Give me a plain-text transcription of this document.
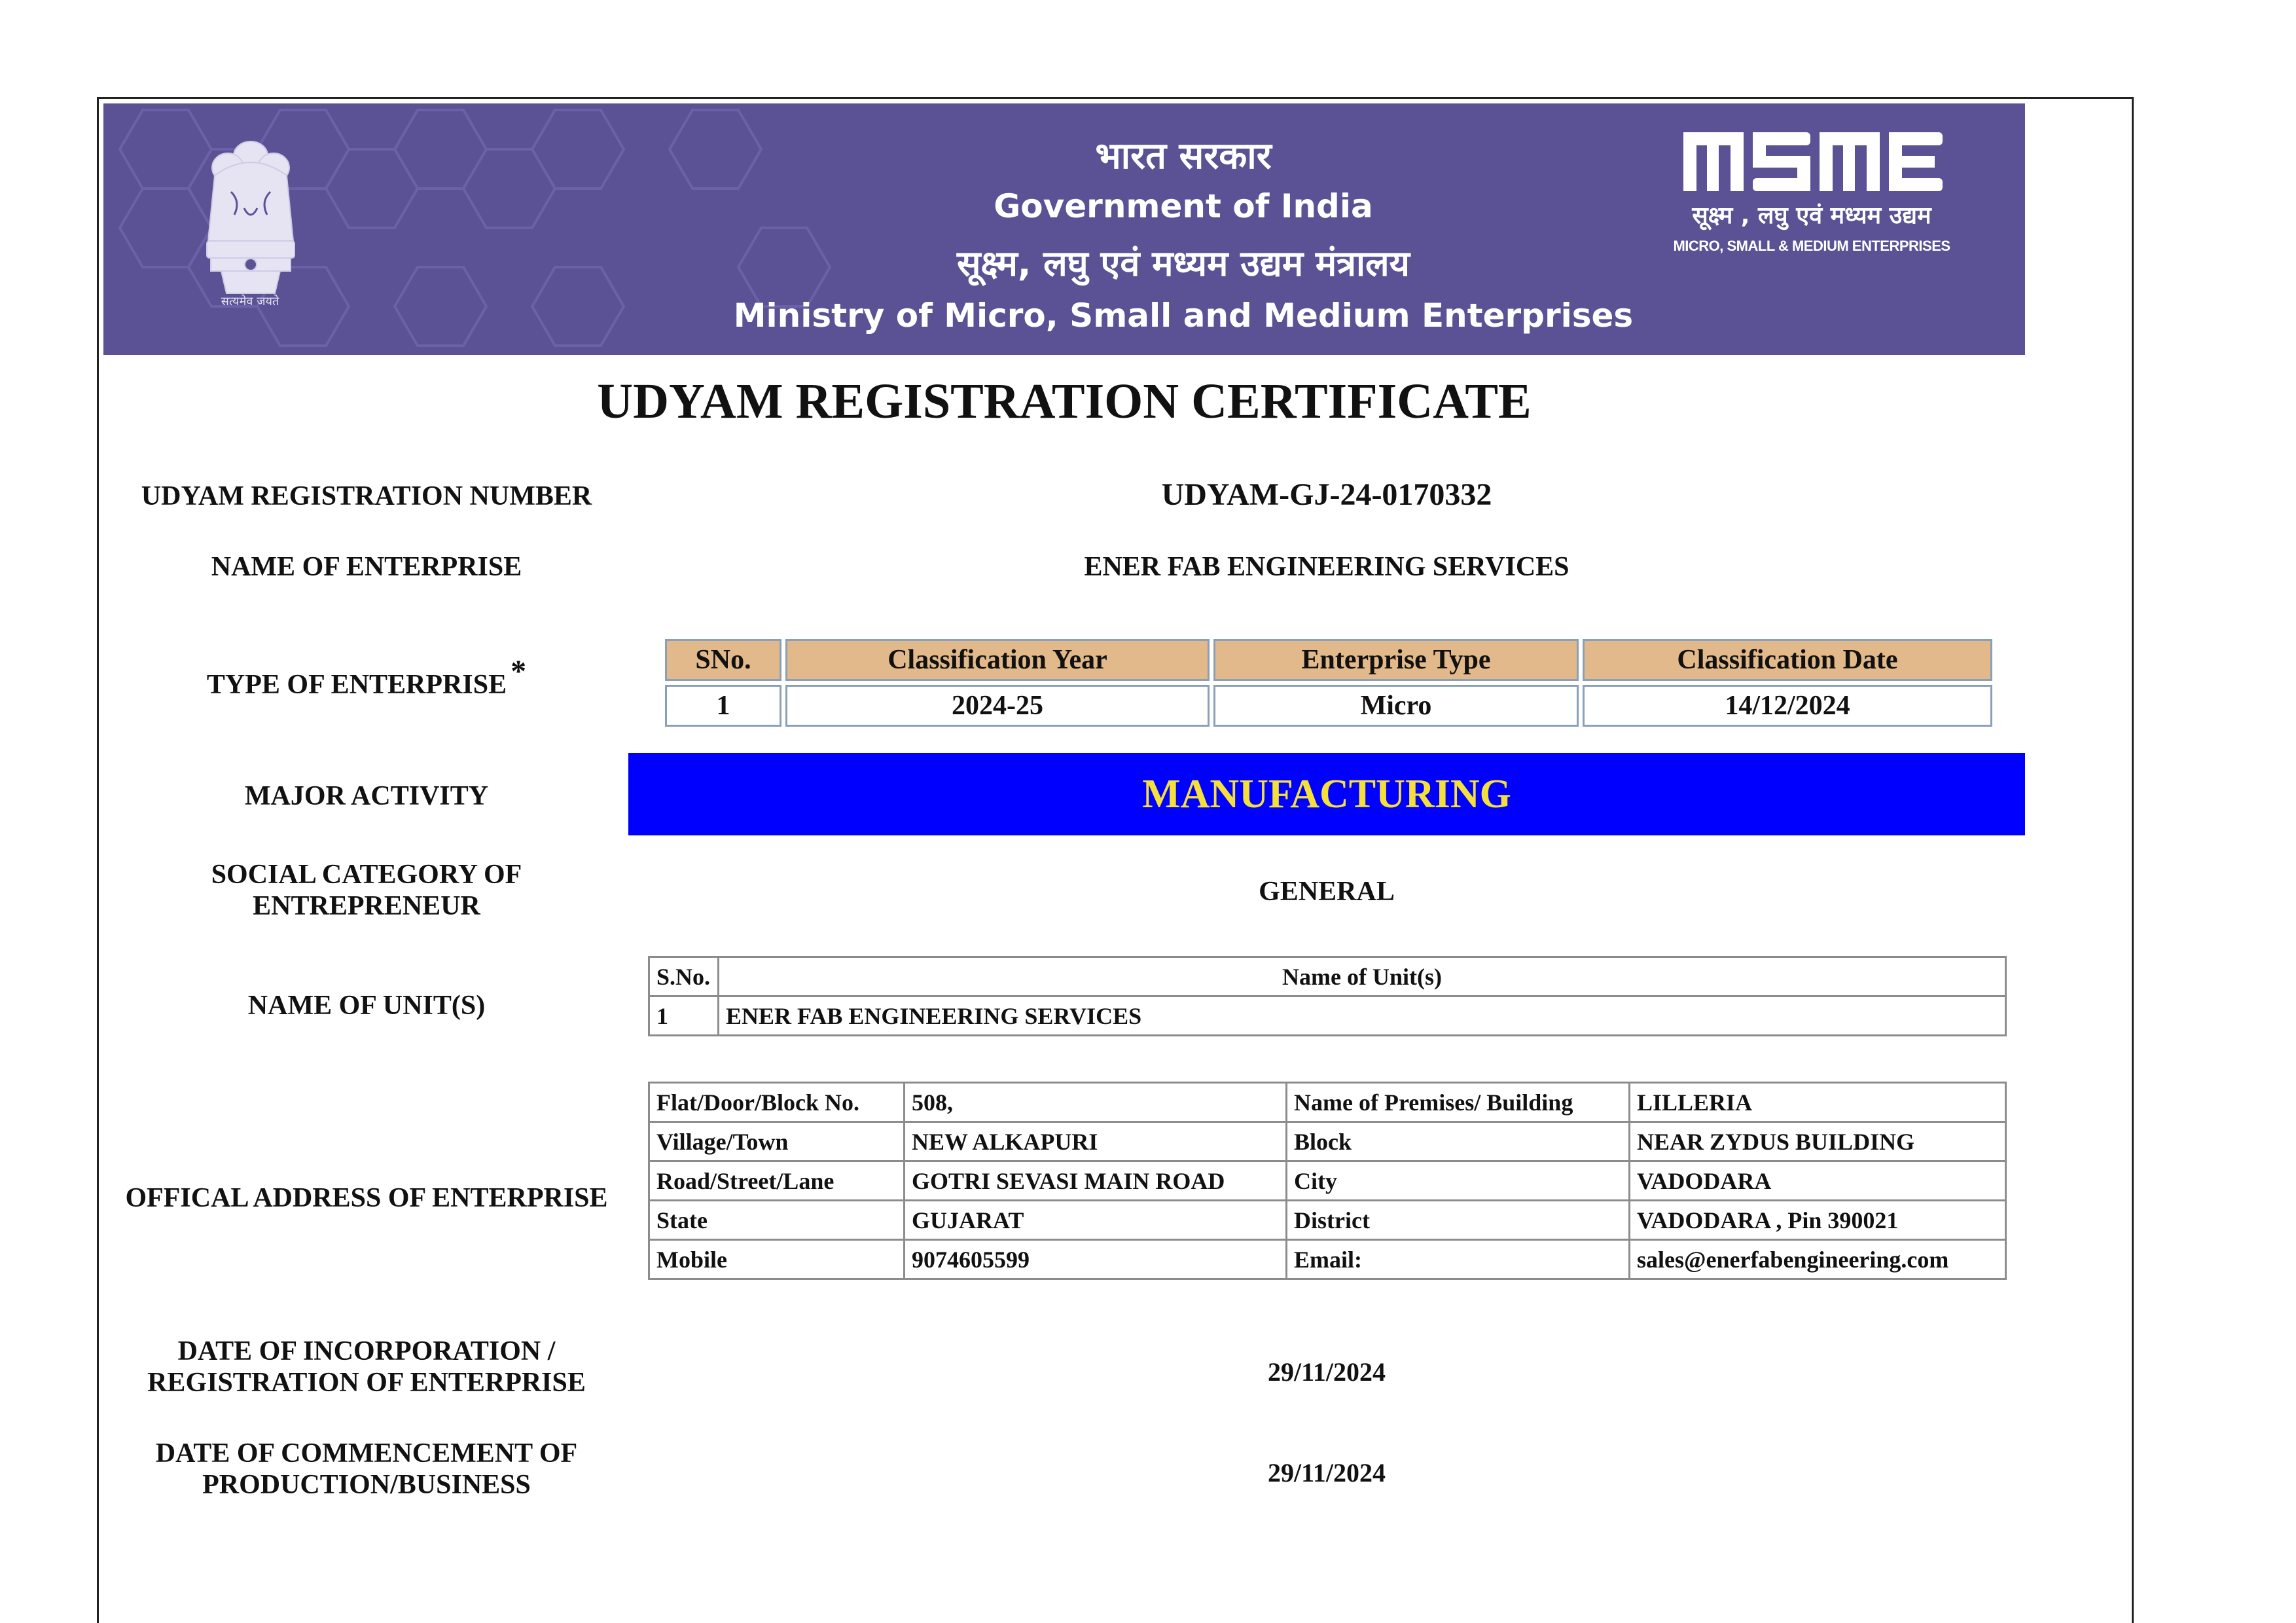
सत्यमेव जयते
भारत सरकार
Government of India
सूक्ष्म, लघु एवं मध्यम उद्यम मंत्रालय
Ministry of Micro, Small and Medium Enterprises
सूक्ष्म , लघु एवं मध्यम उद्यम
MICRO, SMALL & MEDIUM ENTERPRISES
UDYAM REGISTRATION CERTIFICATE
UDYAM REGISTRATION NUMBER	UDYAM-GJ-24-0170332
NAME OF ENTERPRISE	ENER FAB ENGINEERING SERVICES
TYPE OF ENTERPRISE *	SNo.	Classification Year	Enterprise Type	Classification Date
1	2024-25	Micro	14/12/2024
MAJOR ACTIVITY	MANUFACTURING
SOCIAL CATEGORY OF
ENTREPRENEUR	GENERAL
NAME OF UNIT(S)
S.No.	Name of Unit(s)
1	ENER FAB ENGINEERING SERVICES
OFFICAL ADDRESS OF ENTERPRISE
Flat/Door/Block No.	508,	Name of Premises/ Building	LILLERIA
Village/Town	NEW ALKAPURI	Block	NEAR ZYDUS BUILDING
Road/Street/Lane	GOTRI SEVASI MAIN ROAD	City	VADODARA
State	GUJARAT	District	VADODARA , Pin 390021
Mobile	9074605599	Email:	sales@enerfabengineering.com
DATE OF INCORPORATION /
REGISTRATION OF ENTERPRISE	29/11/2024
DATE OF COMMENCEMENT OF
PRODUCTION/BUSINESS	29/11/2024
